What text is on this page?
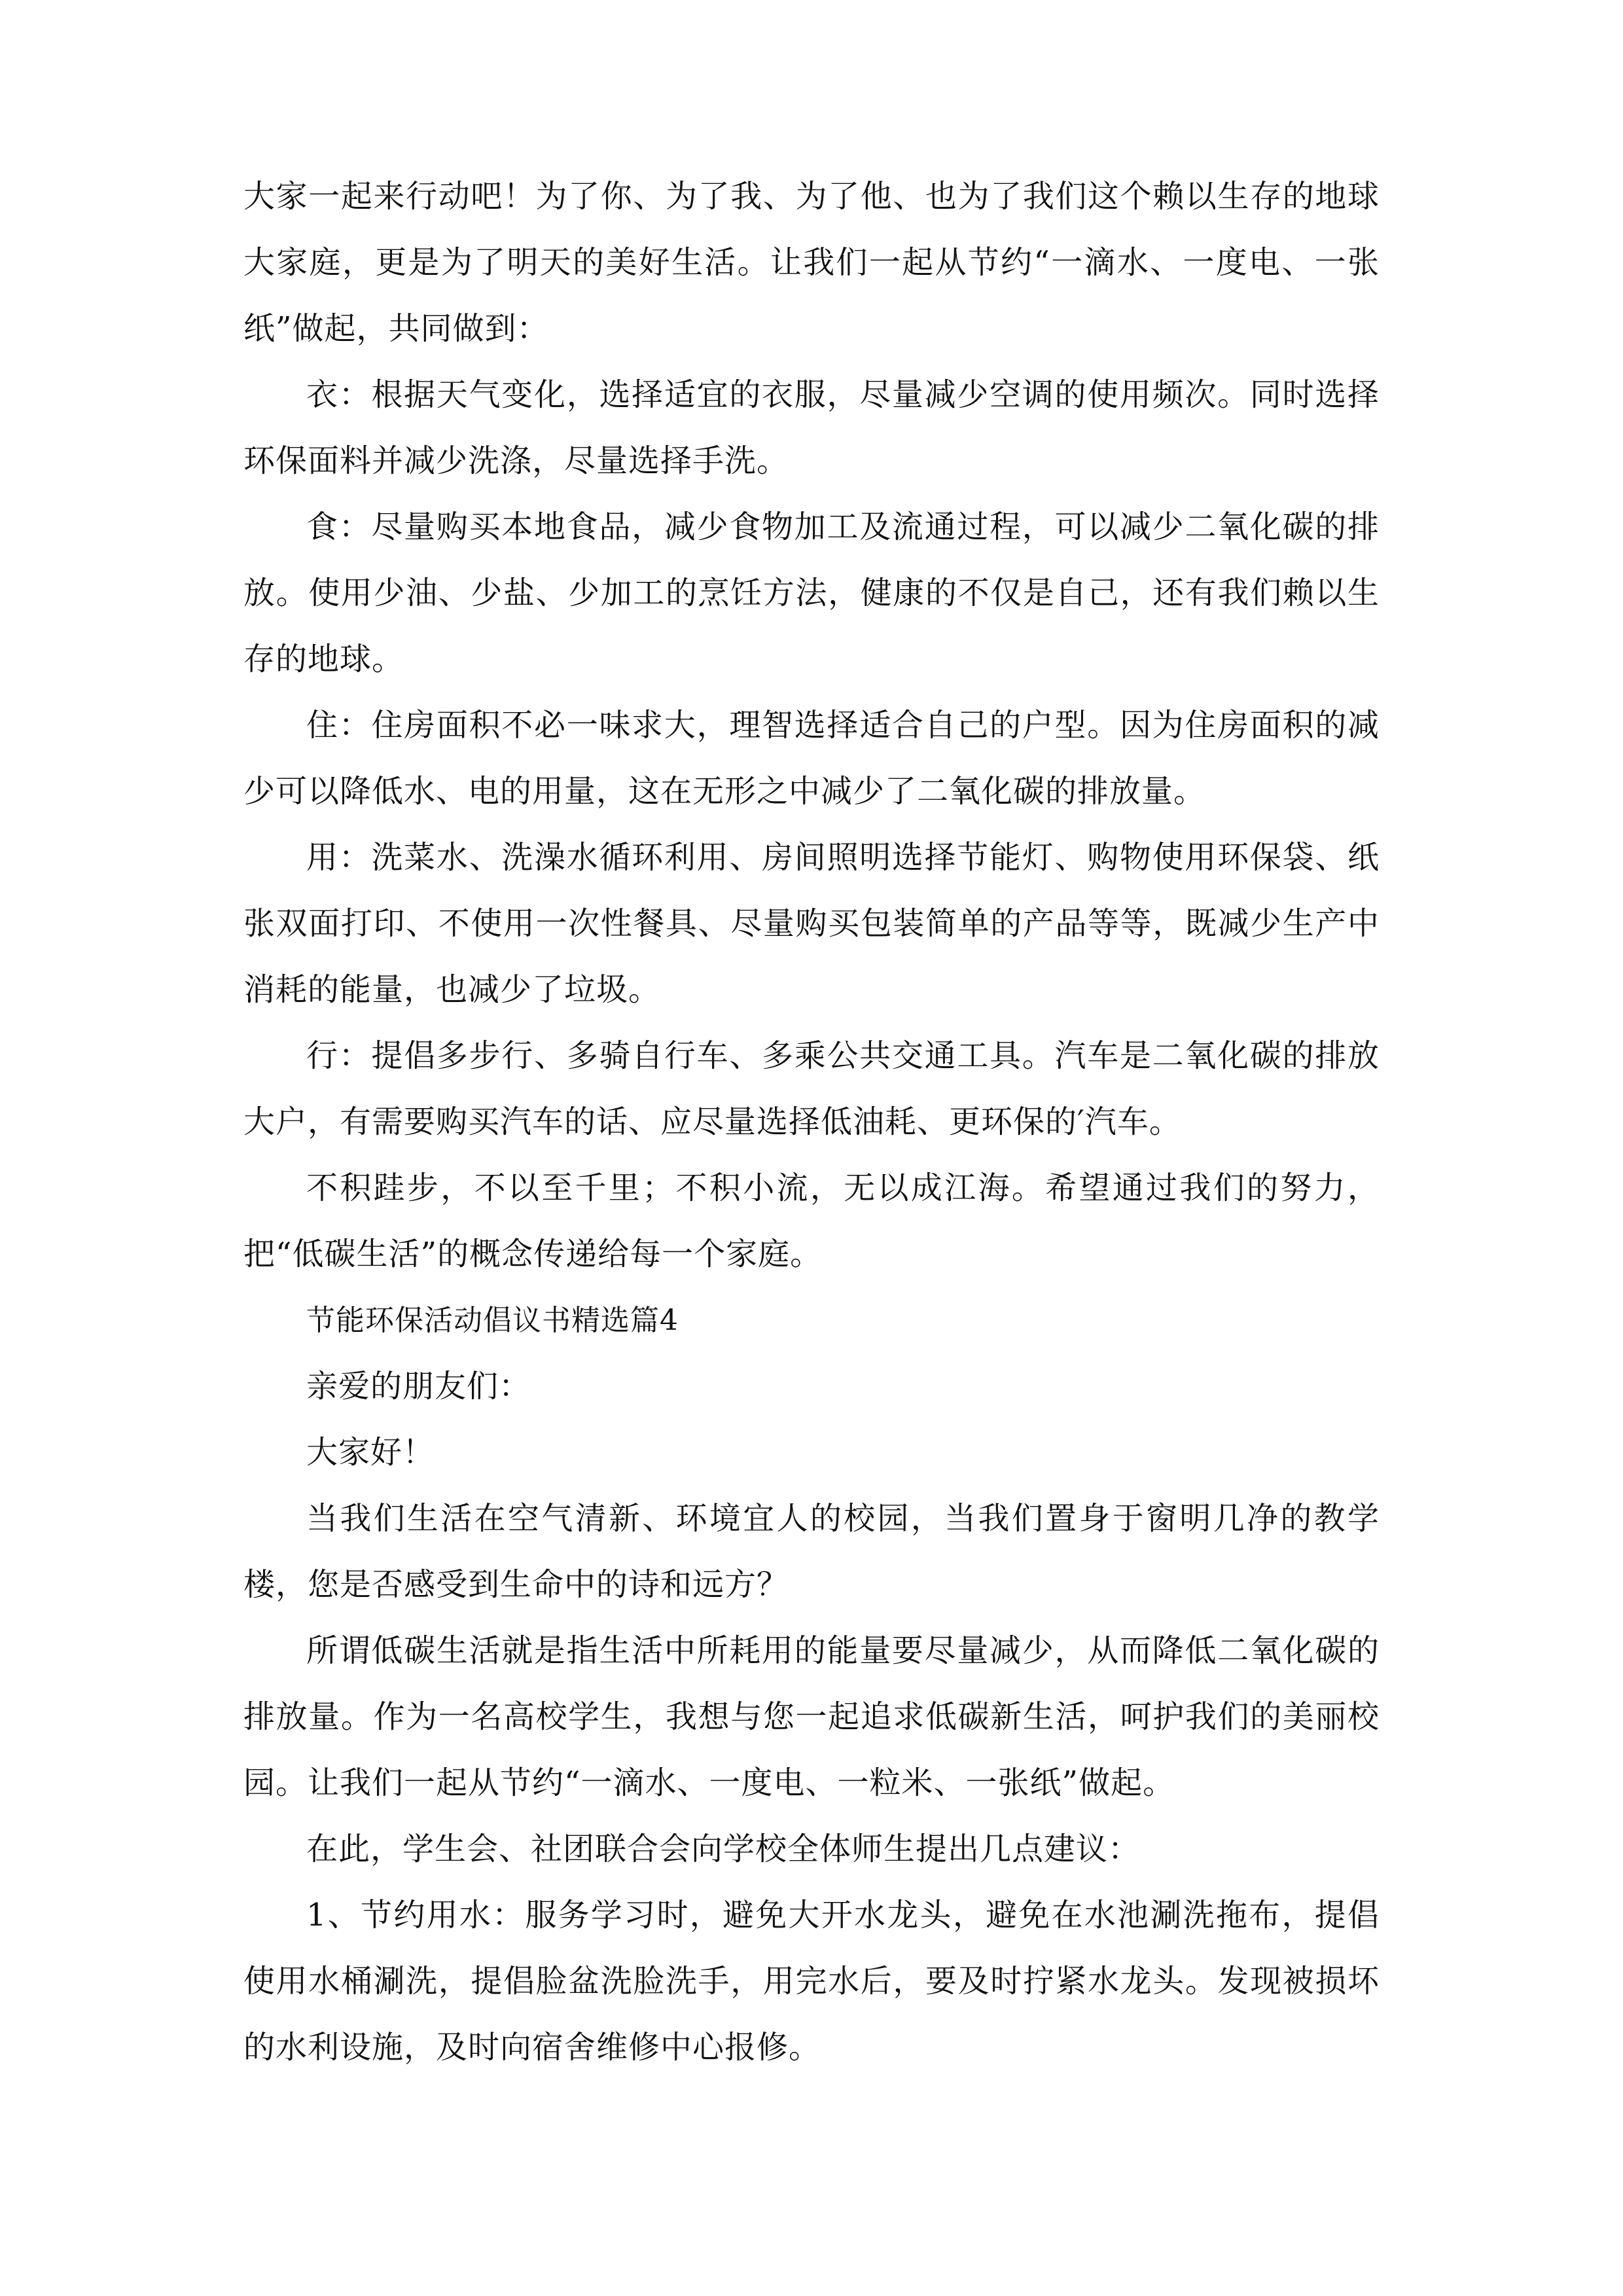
大家一起来行动吧！为了你、为了我、为了他、也为了我们这个赖以生存的地球大家庭，更是为了明天的美好生活。让我们一起从节约“一滴水、一度电、一张纸”做起，共同做到：

衣：根据天气变化，选择适宜的衣服，尽量减少空调的使用频次。同时选择环保面料并减少洗涤，尽量选择手洗。

食：尽量购买本地食品，减少食物加工及流通过程，可以减少二氧化碳的排放。使用少油、少盐、少加工的烹饪方法，健康的不仅是自己，还有我们赖以生存的地球。

住：住房面积不必一味求大，理智选择适合自己的户型。因为住房面积的减少可以降低水、电的用量，这在无形之中减少了二氧化碳的排放量。

用：洗菜水、洗澡水循环利用、房间照明选择节能灯、购物使用环保袋、纸张双面打印、不使用一次性餐具、尽量购买包装简单的产品等等，既减少生产中消耗的能量，也减少了垃圾。

行：提倡多步行、多骑自行车、多乘公共交通工具。汽车是二氧化碳的排放大户，有需要购买汽车的话、应尽量选择低油耗、更环保的′汽车。

不积跬步，不以至千里；不积小流，无以成江海。希望通过我们的努力，把“低碳生活”的概念传递给每一个家庭。

节能环保活动倡议书精选篇4

亲爱的朋友们：

大家好！

当我们生活在空气清新、环境宜人的校园，当我们置身于窗明几净的教学楼，您是否感受到生命中的诗和远方？

所谓低碳生活就是指生活中所耗用的能量要尽量减少，从而降低二氧化碳的排放量。作为一名高校学生，我想与您一起追求低碳新生活，呵护我们的美丽校园。让我们一起从节约“一滴水、一度电、一粒米、一张纸”做起。

在此，学生会、社团联合会向学校全体师生提出几点建议：

1、节约用水：服务学习时，避免大开水龙头，避免在水池涮洗拖布，提倡使用水桶涮洗，提倡脸盆洗脸洗手，用完水后，要及时拧紧水龙头。发现被损坏的水利设施，及时向宿舍维修中心报修。
